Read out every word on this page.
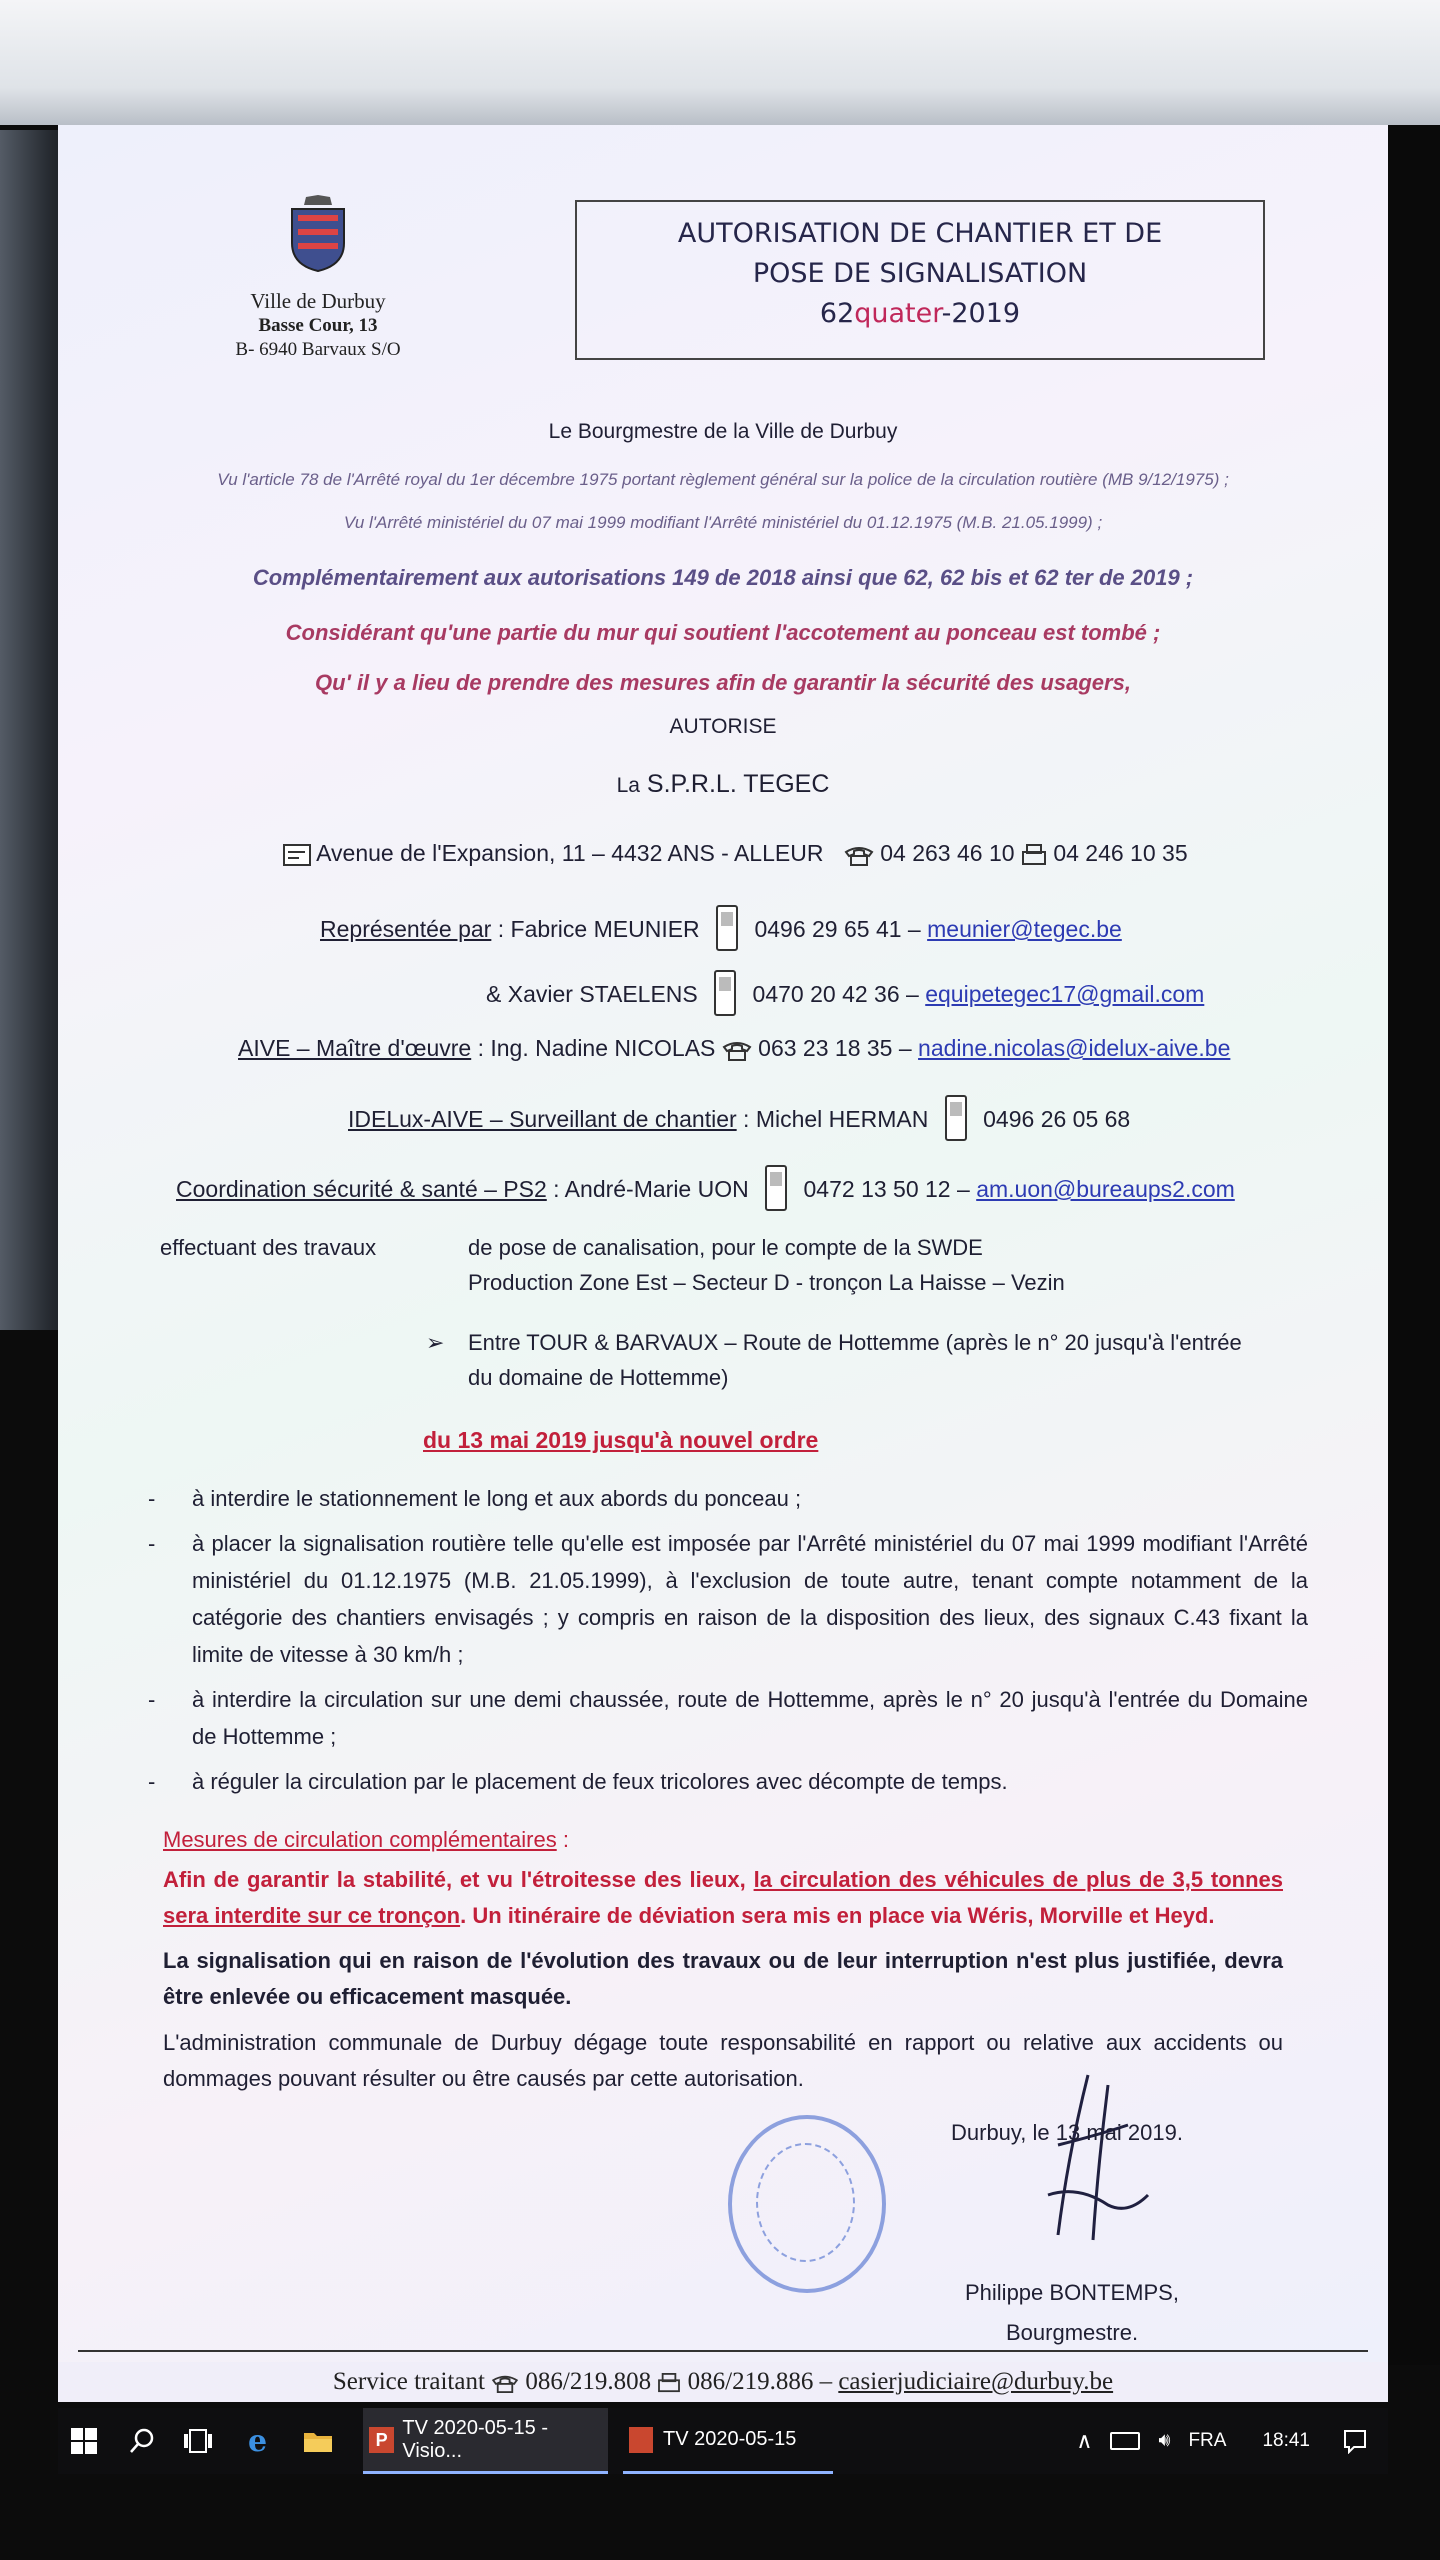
Ville de Durbuy
Basse Cour, 13
B- 6940 Barvaux S/O
AUTORISATION DE CHANTIER ET DE
POSE DE SIGNALISATION
62quater-2019
Le Bourgmestre de la Ville de Durbuy
Vu l'article 78 de l'Arrêté royal du 1er décembre 1975 portant règlement général sur la police de la circulation routière (MB 9/12/1975) ;
Vu l'Arrêté ministériel du 07 mai 1999 modifiant l'Arrêté ministériel du 01.12.1975 (M.B. 21.05.1999) ;
Complémentairement aux autorisations 149 de 2018 ainsi que 62, 62 bis et 62 ter de 2019 ;
Considérant qu'une partie du mur qui soutient l'accotement au ponceau est tombé ;
Qu' il y a lieu de prendre des mesures afin de garantir la sécurité des usagers,
AUTORISE
La S.P.R.L. TEGEC
Avenue de l'Expansion, 11 – 4432 ANS - ALLEUR 04 263 46 10 04 246 10 35
Représentée par : Fabrice MEUNIER 0496 29 65 41 – meunier@tegec.be
& Xavier STAELENS 0470 20 42 36 – equipetegec17@gmail.com
AIVE – Maître d'œuvre : Ing. Nadine NICOLAS 063 23 18 35 – nadine.nicolas@idelux-aive.be
IDELux-AIVE – Surveillant de chantier : Michel HERMAN 0496 26 05 68
Coordination sécurité & santé – PS2 : André-Marie UON 0472 13 50 12 – am.uon@bureaups2.com
effectuant des travaux	de pose de canalisation, pour le compte de la SWDE
Production Zone Est – Secteur D - tronçon La Haisse – Vezin
➢ Entre TOUR & BARVAUX – Route de Hottemme (après le n° 20 jusqu'à l'entrée
du domaine de Hottemme)
du 13 mai 2019 jusqu'à nouvel ordre
- à interdire le stationnement le long et aux abords du ponceau ;
- à placer la signalisation routière telle qu'elle est imposée par l'Arrêté ministériel du 07 mai 1999 modifiant l'Arrêté ministériel du 01.12.1975 (M.B. 21.05.1999), à l'exclusion de toute autre, tenant compte notamment de la catégorie des chantiers envisagés ; y compris en raison de la disposition des lieux, des signaux C.43 fixant la limite de vitesse à 30 km/h ;
- à interdire la circulation sur une demi chaussée, route de Hottemme, après le n° 20 jusqu'à l'entrée du Domaine de Hottemme ;
- à réguler la circulation par le placement de feux tricolores avec décompte de temps.
Mesures de circulation complémentaires :
Afin de garantir la stabilité, et vu l'étroitesse des lieux, la circulation des véhicules de plus de 3,5 tonnes sera interdite sur ce tronçon. Un itinéraire de déviation sera mis en place via Wéris, Morville et Heyd.
La signalisation qui en raison de l'évolution des travaux ou de leur interruption n'est plus justifiée, devra être enlevée ou efficacement masquée.
L'administration communale de Durbuy dégage toute responsabilité en rapport ou relative aux accidents ou dommages pouvant résulter ou être causés par cette autorisation.
Durbuy, le 13 mai 2019.
Philippe BONTEMPS,
Bourgmestre.
Service traitant 086/219.808 086/219.886 – casierjudiciaire@durbuy.be
e	P
TV 2020-05-15 - Visio...
TV 2020-05-15	∧	🔊︎ FRA 18:41
